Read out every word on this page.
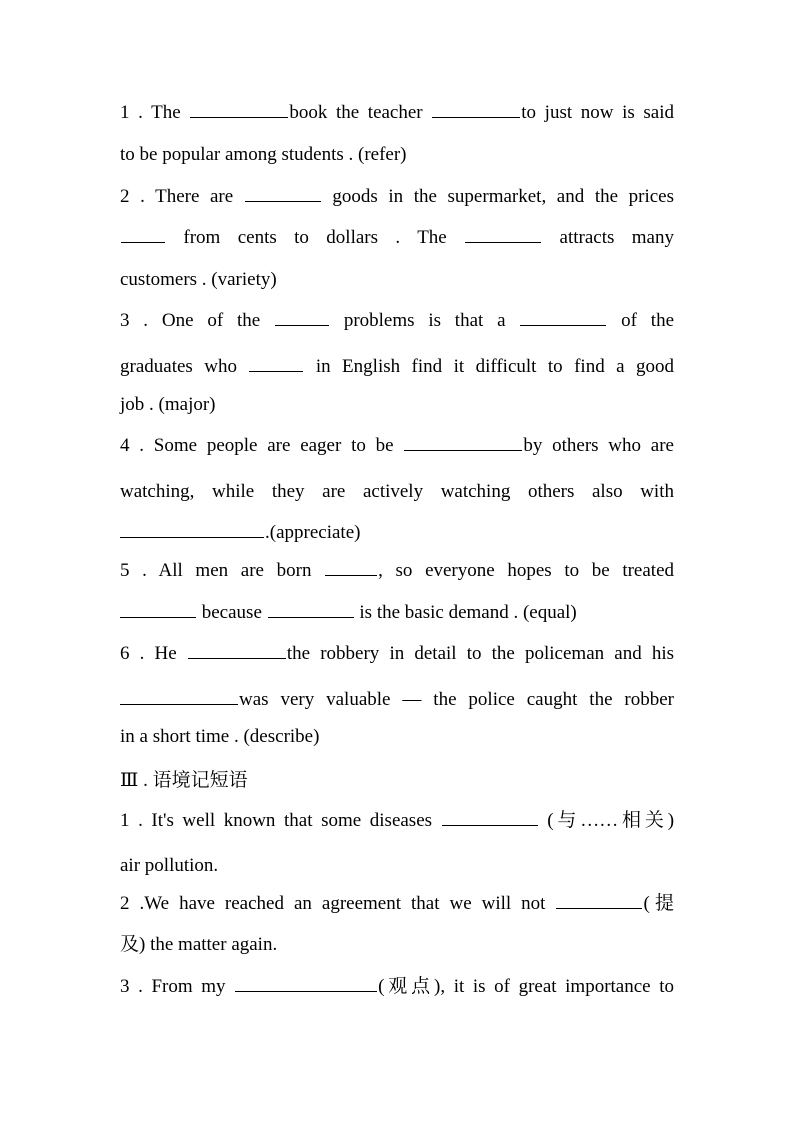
1 . The	book the teacher	to just now is said
to be popular among students . (refer)
2 . There are	goods in the supermarket, and the prices
from cents to dollars . The	attracts many
customers . (variety)
3 . One of the	problems is that a	of the
graduates who	in English find it difficult to find a good
job . (major)
4 . Some people are eager to be	by others who are
watching, while they are actively watching others also with
.(appreciate)
5 . All men are born	, so everyone hopes to be treated
because	is the basic demand . (equal)
6 . He	the robbery in detail to the policeman and his
was very valuable — the police caught the robber
in a short time . (describe)
Ⅲ . 语境记短语
1 . It's well known that some diseases	(与……相关)
air pollution.
2 .We have reached an agreement that we will not	(提
及) the matter again.
3 . From my	(观点), it is of great importance to
